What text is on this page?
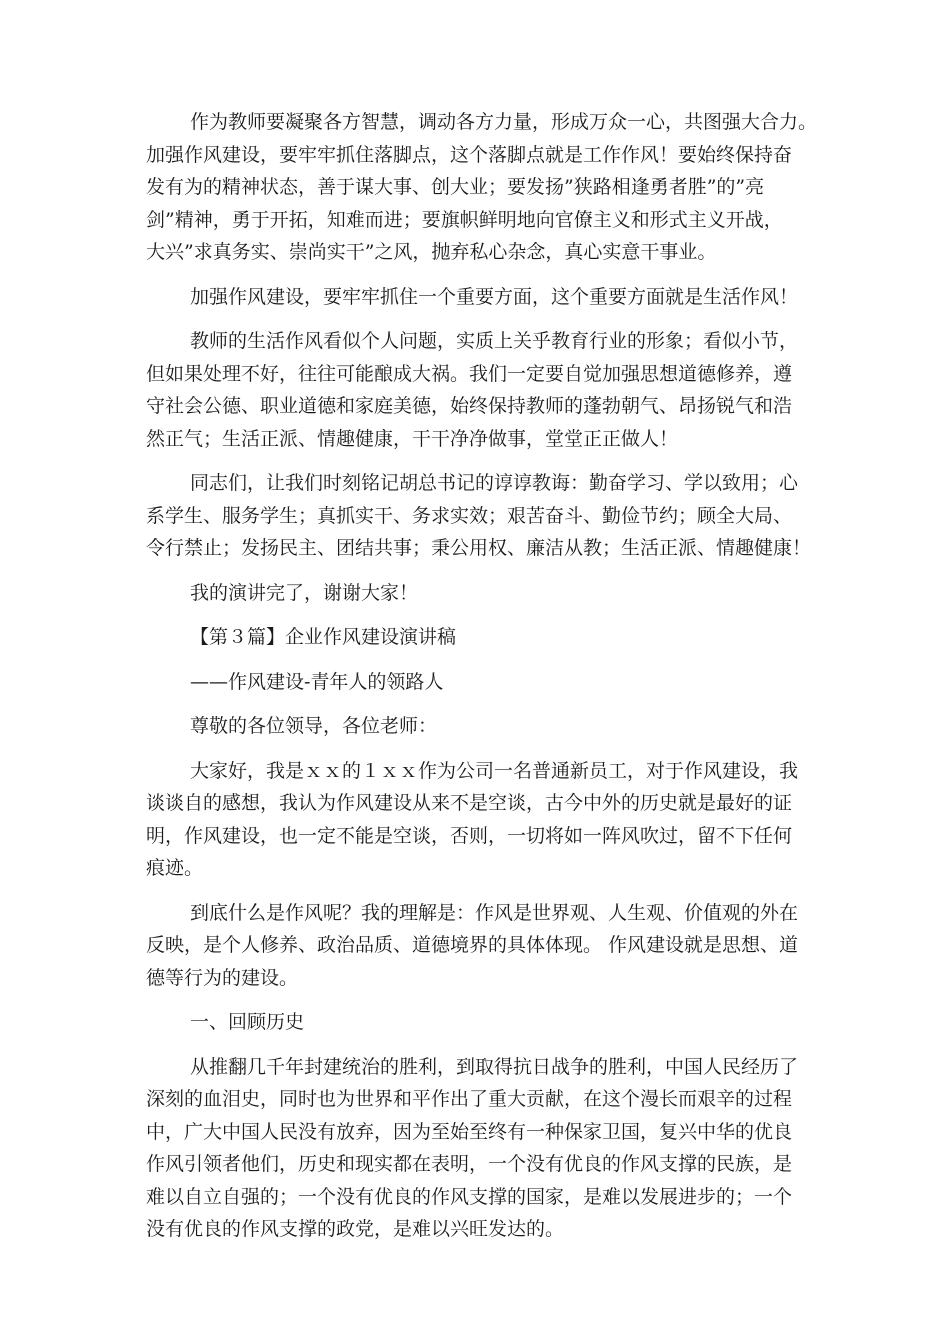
作为教师要凝聚各方智慧，调动各方力量，形成万众一心，共图强大合力。
加强作风建设，要牢牢抓住落脚点，这个落脚点就是工作作风！要始终保持奋
发有为的精神状态，善于谋大事、创大业；要发扬”狭路相逢勇者胜”的”亮
剑”精神，勇于开拓，知难而进；要旗帜鲜明地向官僚主义和形式主义开战，
大兴”求真务实、崇尚实干”之风，抛弃私心杂念，真心实意干事业。
加强作风建设，要牢牢抓住一个重要方面，这个重要方面就是生活作风！
教师的生活作风看似个人问题，实质上关乎教育行业的形象；看似小节，
但如果处理不好，往往可能酿成大祸。我们一定要自觉加强思想道德修养，遵
守社会公德、职业道德和家庭美德，始终保持教师的蓬勃朝气、昂扬锐气和浩
然正气；生活正派、情趣健康，干干净净做事，堂堂正正做人！
同志们，让我们时刻铭记胡总书记的谆谆教诲：勤奋学习、学以致用；心
系学生、服务学生；真抓实干、务求实效；艰苦奋斗、勤俭节约；顾全大局、
令行禁止；发扬民主、团结共事；秉公用权、廉洁从教；生活正派、情趣健康！
我的演讲完了，谢谢大家！
【第３篇】企业作风建设演讲稿
——作风建设-青年人的领路人
尊敬的各位领导，各位老师：
大家好，我是ｘｘ的１ｘｘ作为公司一名普通新员工，对于作风建设，我
谈谈自的感想，我认为作风建设从来不是空谈，古今中外的历史就是最好的证
明，作风建设，也一定不能是空谈，否则，一切将如一阵风吹过，留不下任何
痕迹。
到底什么是作风呢？我的理解是：作风是世界观、人生观、价值观的外在
反映，是个人修养、政治品质、道德境界的具体体现。 作风建设就是思想、道
德等行为的建设。
一、回顾历史
从推翻几千年封建统治的胜利，到取得抗日战争的胜利，中国人民经历了
深刻的血泪史，同时也为世界和平作出了重大贡献，在这个漫长而艰辛的过程
中，广大中国人民没有放弃，因为至始至终有一种保家卫国，复兴中华的优良
作风引领者他们，历史和现实都在表明，一个没有优良的作风支撑的民族，是
难以自立自强的；一个没有优良的作风支撑的国家，是难以发展进步的；一个
没有优良的作风支撑的政党，是难以兴旺发达的。
